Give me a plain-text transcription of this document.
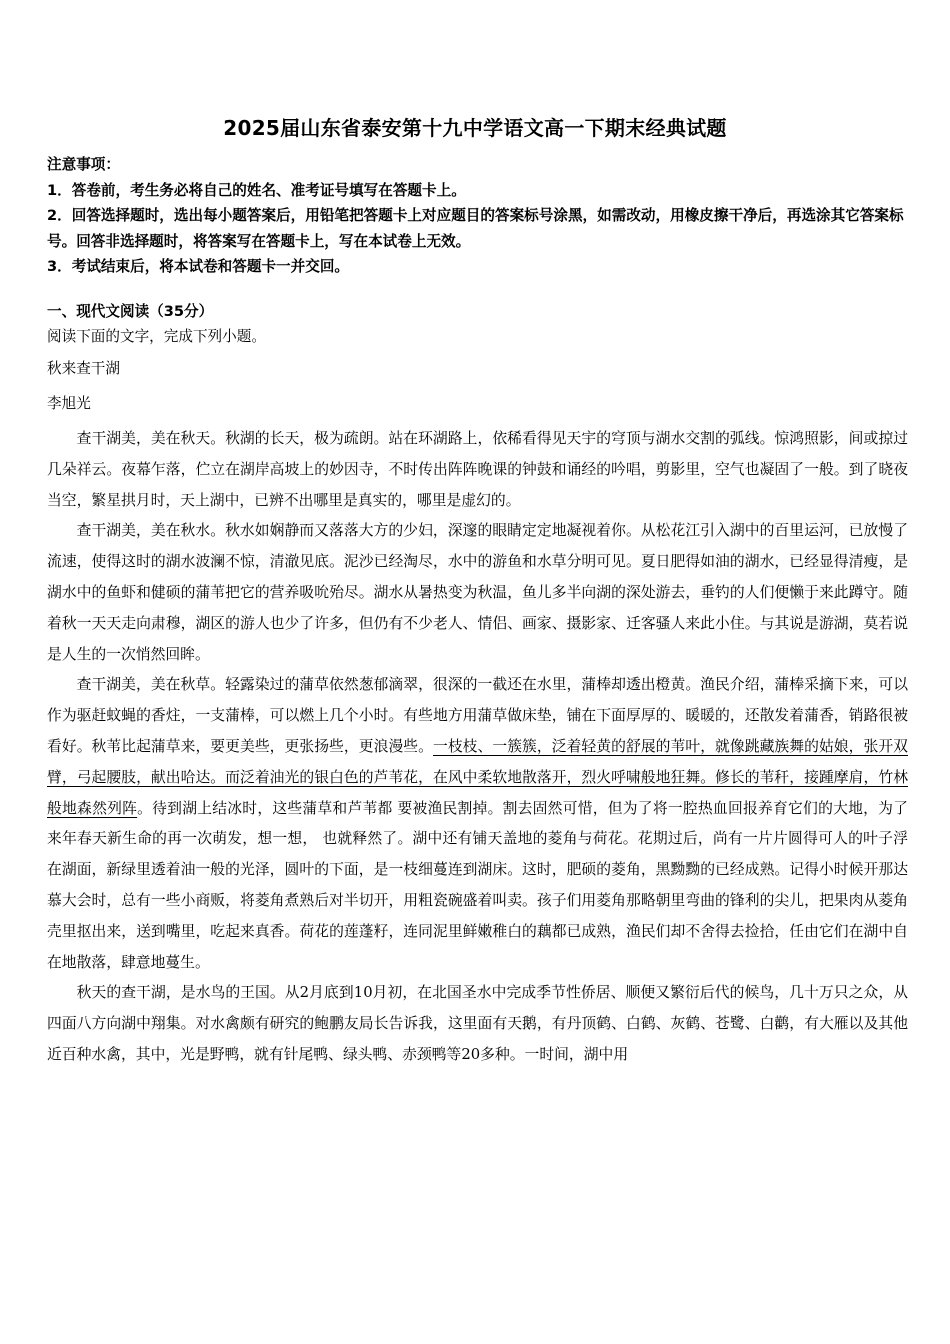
2025届山东省泰安第十九中学语文高一下期末经典试题

注意事项：

1．答卷前，考生务必将自己的姓名、准考证号填写在答题卡上。

2．回答选择题时，选出每小题答案后，用铅笔把答题卡上对应题目的答案标号涂黑，如需改动，用橡皮擦干净后，再选涂其它答案标号。回答非选择题时，将答案写在答题卡上，写在本试卷上无效。

3．考试结束后，将本试卷和答题卡一并交回。

一、现代文阅读（35分）
阅读下面的文字，完成下列小题。
秋来查干湖
李旭光

查干湖美，美在秋天。秋湖的长天，极为疏朗。站在环湖路上，依稀看得见天宇的穹顶与湖水交割的弧线。惊鸿照影，间或掠过几朵祥云。夜幕乍落，伫立在湖岸高坡上的妙因寺，不时传出阵阵晚课的钟鼓和诵经的吟唱，剪影里，空气也凝固了一般。到了晓夜当空，繁星拱月时，天上湖中，已辨不出哪里是真实的，哪里是虚幻的。

查干湖美，美在秋水。秋水如娴静而又落落大方的少妇，深邃的眼睛定定地凝视着你。从松花江引入湖中的百里运河，已放慢了流速，使得这时的湖水波澜不惊，清澈见底。泥沙已经淘尽，水中的游鱼和水草分明可见。夏日肥得如油的湖水，已经显得清瘦，是湖水中的鱼虾和健硕的蒲苇把它的营养吸吮殆尽。湖水从暑热变为秋温，鱼儿多半向湖的深处游去，垂钓的人们便懒于来此蹲守。随着秋一天天走向肃穆，湖区的游人也少了许多，但仍有不少老人、情侣、画家、摄影家、迁客骚人来此小住。与其说是游湖，莫若说是人生的一次悄然回眸。

查干湖美，美在秋草。轻露染过的蒲草依然葱郁滴翠，很深的一截还在水里，蒲棒却透出橙黄。渔民介绍，蒲棒采摘下来，可以作为驱赶蚊蝇的香炷，一支蒲棒，可以燃上几个小时。有些地方用蒲草做床垫，铺在下面厚厚的、暖暖的，还散发着蒲香，销路很被看好。秋苇比起蒲草来，要更美些，更张扬些，更浪漫些。一枝枝、一簇簇，泛着轻黄的舒展的苇叶，就像跳藏族舞的姑娘，张开双臂，弓起腰肢，献出哈达。而泛着油光的银白色的芦苇花，在风中柔软地散落开，烈火呼啸般地狂舞。修长的苇秆，接踵摩肩，竹林般地森然列阵。待到湖上结冰时，这些蒲草和芦苇都 要被渔民割掉。割去固然可惜，但为了将一腔热血回报养育它们的大地，为了来年春天新生命的再一次萌发，想一想， 也就释然了。湖中还有铺天盖地的菱角与荷花。花期过后，尚有一片片圆得可人的叶子浮在湖面，新绿里透着油一般的光泽，圆叶的下面，是一枝细蔓连到湖床。这时，肥硕的菱角，黑黝黝的已经成熟。记得小时候开那达慕大会时，总有一些小商贩，将菱角煮熟后对半切开，用粗瓷碗盛着叫卖。孩子们用菱角那略朝里弯曲的锋利的尖儿，把果肉从菱角壳里抠出来，送到嘴里，吃起来真香。荷花的莲蓬籽，连同泥里鲜嫩稚白的藕都已成熟，渔民们却不舍得去捡拾，任由它们在湖中自在地散落，肆意地蔓生。

秋天的查干湖，是水鸟的王国。从2月底到10月初，在北国圣水中完成季节性侨居、顺便又繁衍后代的候鸟，几十万只之众，从四面八方向湖中翔集。对水禽颇有研究的鲍鹏友局长告诉我，这里面有天鹅，有丹顶鹤、白鹤、灰鹤、苍鹭、白鹳，有大雁以及其他近百种水禽，其中，光是野鸭，就有针尾鸭、绿头鸭、赤颈鸭等20多种。一时间，湖中用
